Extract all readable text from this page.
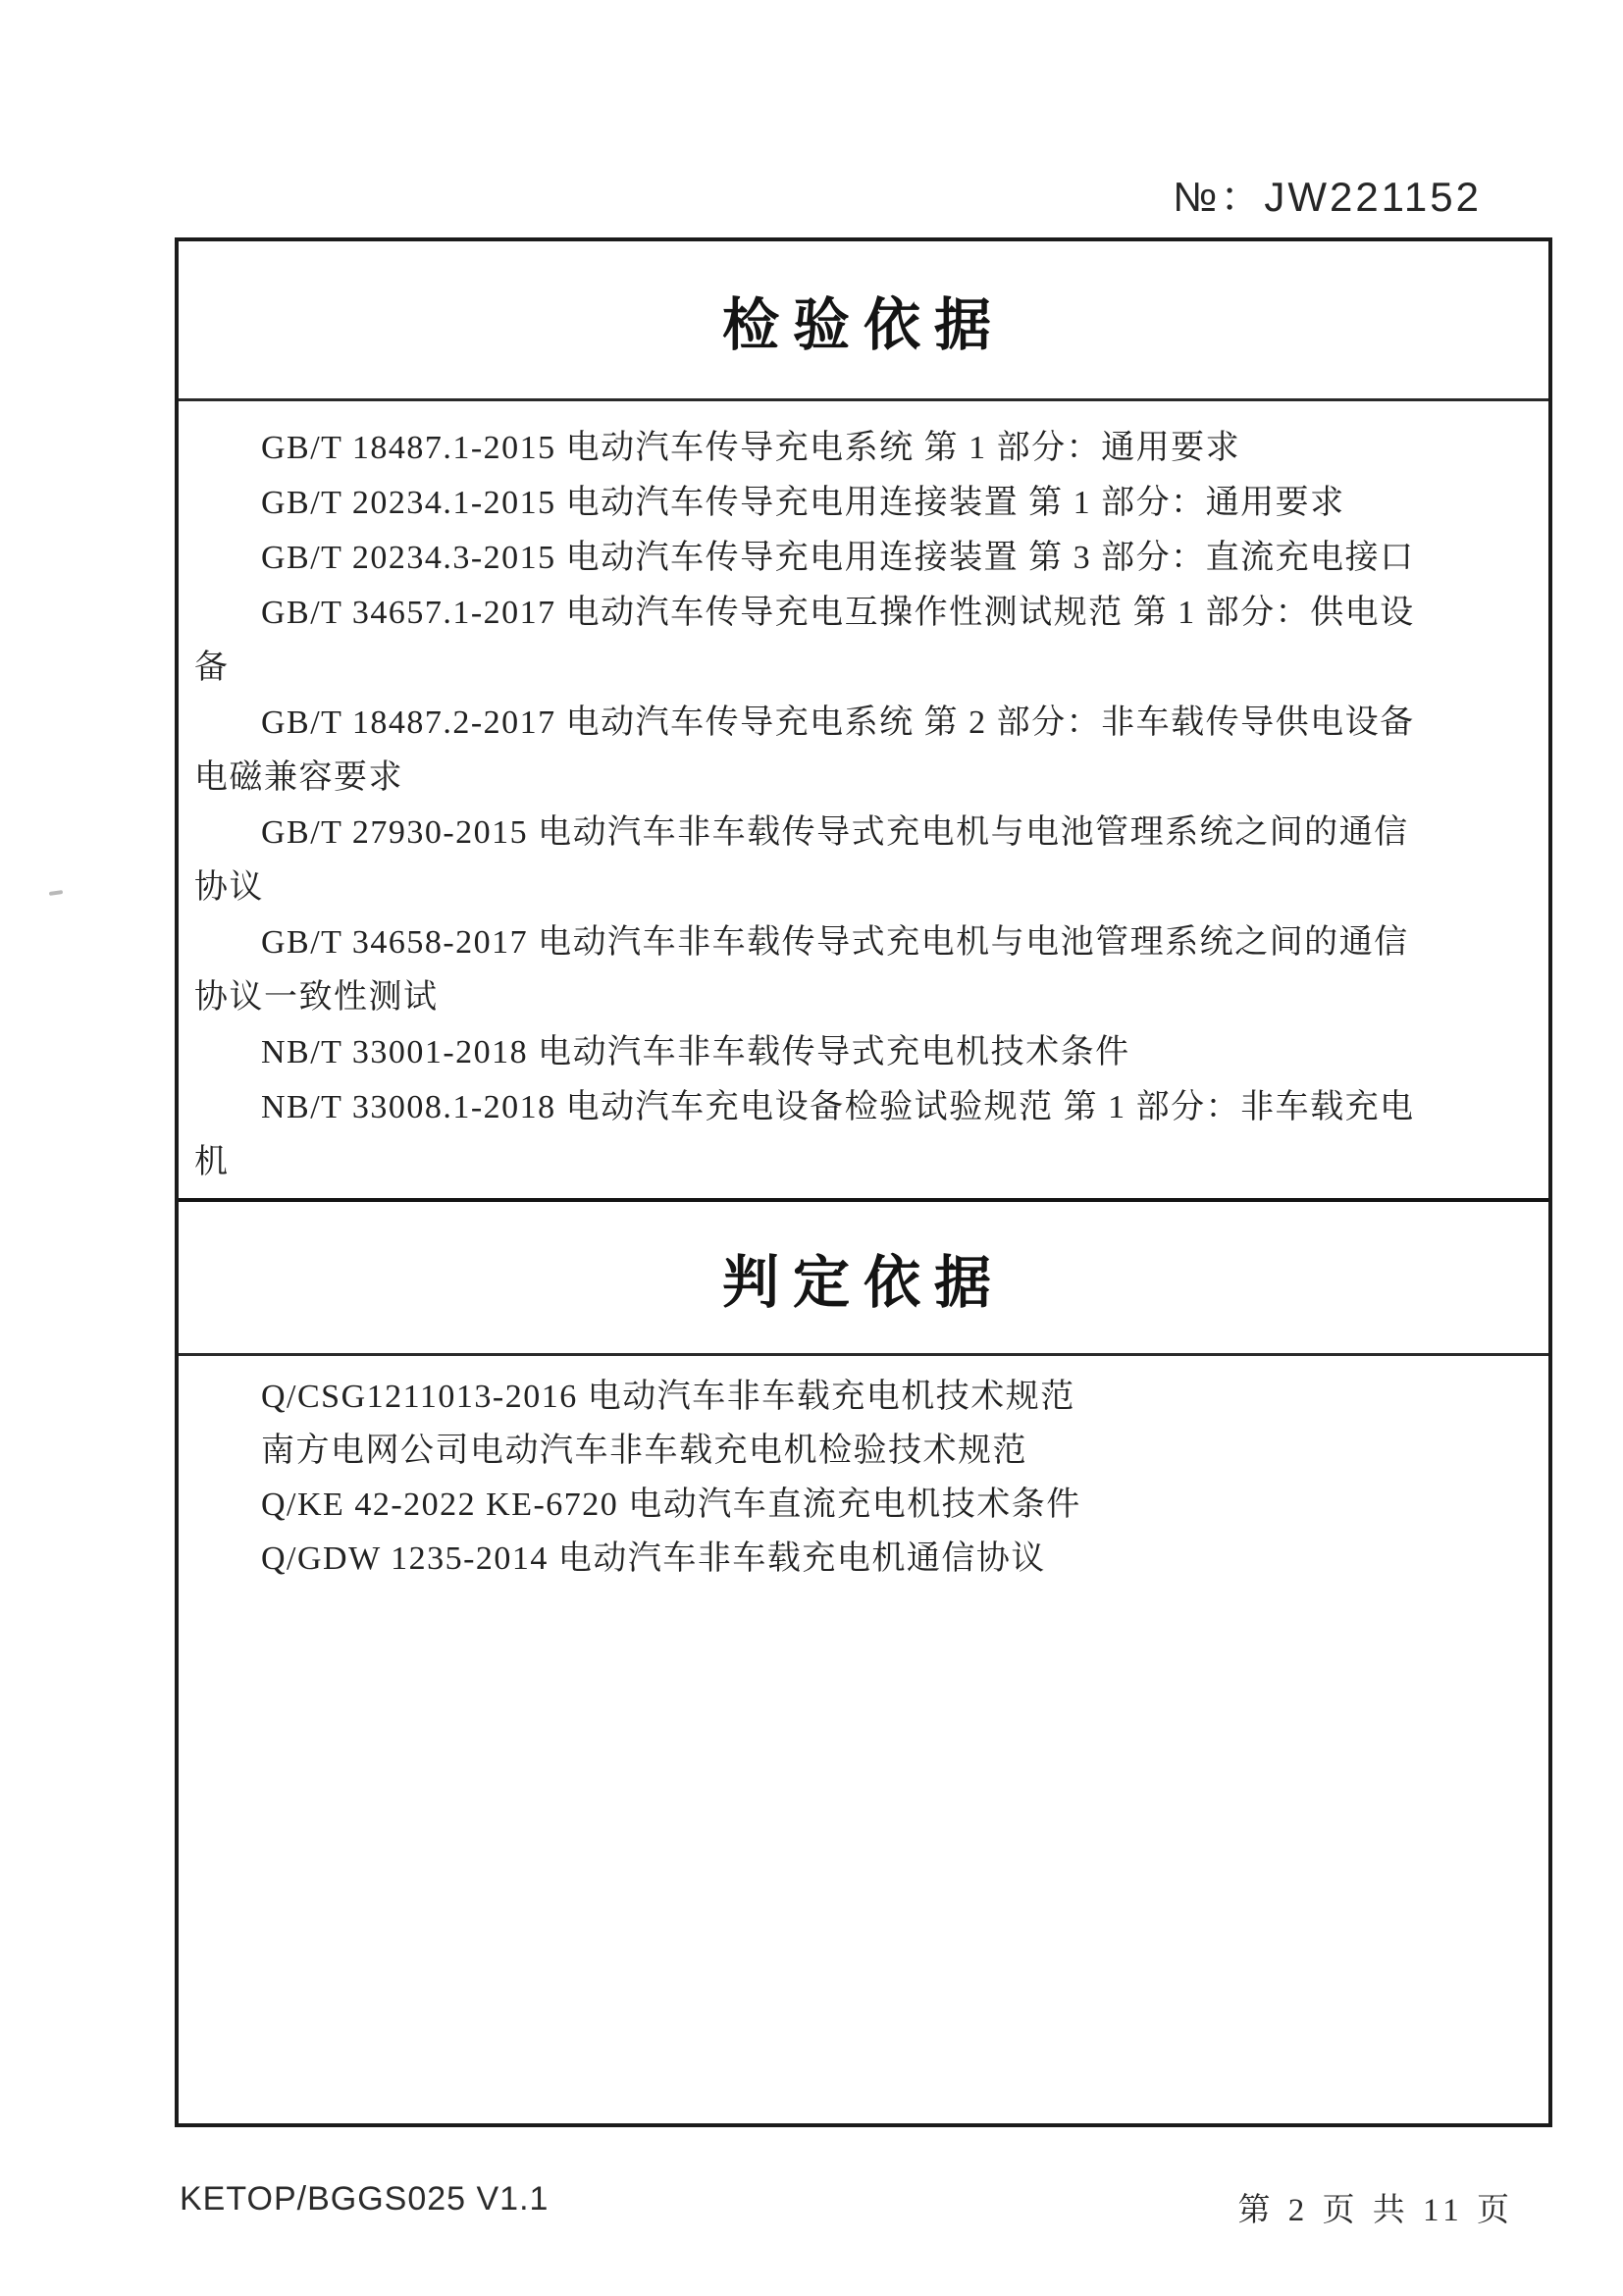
№：JW221152
检验依据
GB/T 18487.1-2015 电动汽车传导充电系统 第 1 部分：通用要求
GB/T 20234.1-2015 电动汽车传导充电用连接装置 第 1 部分：通用要求
GB/T 20234.3-2015 电动汽车传导充电用连接装置 第 3 部分：直流充电接口
GB/T 34657.1-2017 电动汽车传导充电互操作性测试规范 第 1 部分：供电设
备
GB/T 18487.2-2017 电动汽车传导充电系统 第 2 部分：非车载传导供电设备
电磁兼容要求
GB/T 27930-2015 电动汽车非车载传导式充电机与电池管理系统之间的通信
协议
GB/T 34658-2017 电动汽车非车载传导式充电机与电池管理系统之间的通信
协议一致性测试
NB/T 33001-2018 电动汽车非车载传导式充电机技术条件
NB/T 33008.1-2018 电动汽车充电设备检验试验规范 第 1 部分：非车载充电
机
判定依据
Q/CSG1211013-2016 电动汽车非车载充电机技术规范
南方电网公司电动汽车非车载充电机检验技术规范
Q/KE 42-2022 KE-6720 电动汽车直流充电机技术条件
Q/GDW 1235-2014 电动汽车非车载充电机通信协议
KETOP/BGGS025 V1.1	第 2 页 共 11 页
